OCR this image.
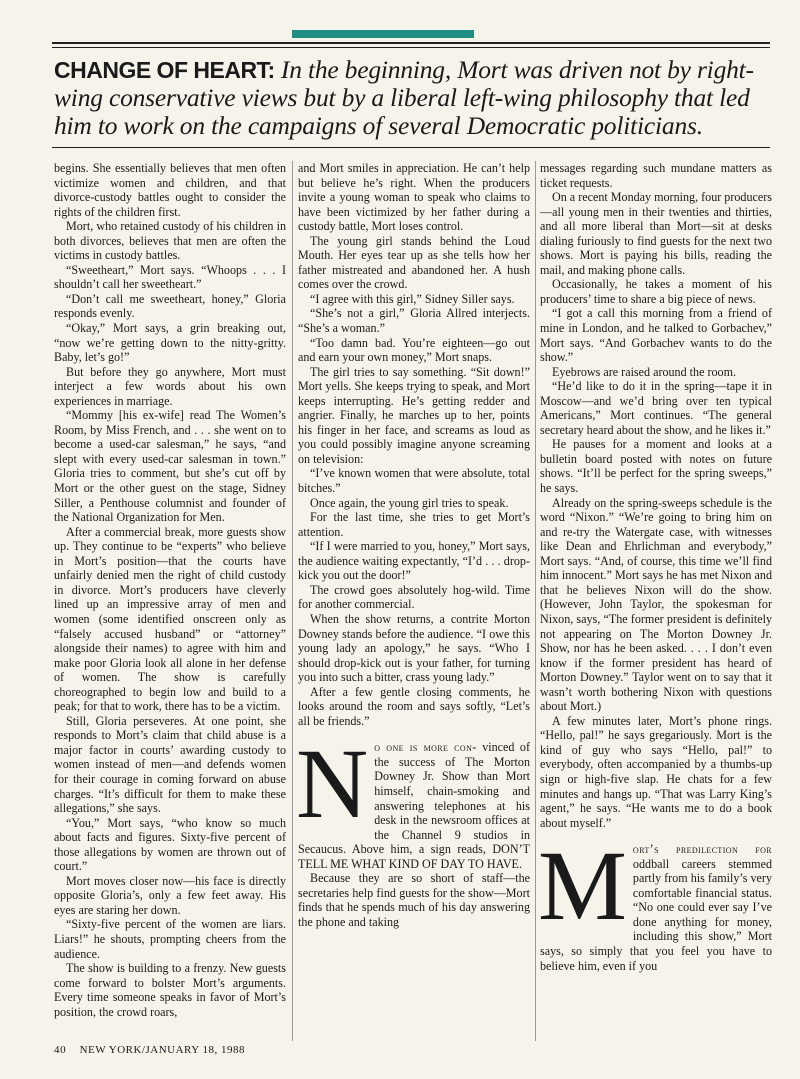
CHANGE OF HEART: In the beginning, Mort was driven not by right-wing conservative views but by a liberal left-wing philosophy that led him to work on the campaigns of several Democratic politicians.

begins. She essentially believes that men often victimize women and children, and that divorce-custody battles ought to consider the rights of the children first.

Mort, who retained custody of his children in both divorces, believes that men are often the victims in custody battles.

“Sweetheart,” Mort says. “Whoops . . . I shouldn’t call her sweetheart.”

“Don’t call me sweetheart, honey,” Gloria responds evenly.

“Okay,” Mort says, a grin breaking out, “now we’re getting down to the nitty-gritty. Baby, let’s go!”

But before they go anywhere, Mort must interject a few words about his own experiences in marriage.

“Mommy [his ex-wife] read The Women’s Room, by Miss French, and . . . she went on to become a used-car salesman,” he says, “and slept with every used-car salesman in town.” Gloria tries to comment, but she’s cut off by Mort or the other guest on the stage, Sidney Siller, a Penthouse columnist and founder of the National Organization for Men.

After a commercial break, more guests show up. They continue to be “experts” who believe in Mort’s position—that the courts have unfairly denied men the right of child custody in divorce. Mort’s producers have cleverly lined up an impressive array of men and women (some identified onscreen only as “falsely accused husband” or “attorney” alongside their names) to agree with him and make poor Gloria look all alone in her defense of women. The show is carefully choreographed to begin low and build to a peak; for that to work, there has to be a victim.

Still, Gloria perseveres. At one point, she responds to Mort’s claim that child abuse is a major factor in courts’ awarding custody to women instead of men—and defends women for their courage in coming forward on abuse charges. “It’s difficult for them to make these allegations,” she says.

“You,” Mort says, “who know so much about facts and figures. Sixty-five percent of those allegations by women are thrown out of court.”

Mort moves closer now—his face is directly opposite Gloria’s, only a few feet away. His eyes are staring her down.

“Sixty-five percent of the women are liars. Liars!” he shouts, prompting cheers from the audience.

The show is building to a frenzy. New guests come forward to bolster Mort’s arguments. Every time someone speaks in favor of Mort’s position, the crowd roars,

and Mort smiles in appreciation. He can’t help but believe he’s right. When the producers invite a young woman to speak who claims to have been victimized by her father during a custody battle, Mort loses control.

The young girl stands behind the Loud Mouth. Her eyes tear up as she tells how her father mistreated and abandoned her. A hush comes over the crowd.

“I agree with this girl,” Sidney Siller says.

“She’s not a girl,” Gloria Allred interjects. “She’s a woman.”

“Too damn bad. You’re eighteen—go out and earn your own money,” Mort snaps.

The girl tries to say something. “Sit down!” Mort yells. She keeps trying to speak, and Mort keeps interrupting. He’s getting redder and angrier. Finally, he marches up to her, points his finger in her face, and screams as loud as you could possibly imagine anyone screaming on television:

“I’ve known women that were absolute, total bitches.”

Once again, the young girl tries to speak.

For the last time, she tries to get Mort’s attention.

“If I were married to you, honey,” Mort says, the audience waiting expectantly, “I’d . . . drop-kick you out the door!”

The crowd goes absolutely hog-wild. Time for another commercial.

When the show returns, a contrite Morton Downey stands before the audience. “I owe this young lady an apology,” he says. “Who I should drop-kick out is your father, for turning you into such a bitter, crass young lady.”

After a few gentle closing comments, he looks around the room and says softly, “Let’s all be friends.”

N o one is more con- vinced of the success of The Morton Downey Jr. Show than Mort himself, chain-smoking and answering telephones at his desk in the newsroom offices at the Channel 9 studios in Secaucus. Above him, a sign reads, DON’T TELL ME WHAT KIND OF DAY TO HAVE.

Because they are so short of staff—the secretaries help find guests for the show—Mort finds that he spends much of his day answering the phone and taking

messages regarding such mundane matters as ticket requests.

On a recent Monday morning, four producers—all young men in their twenties and thirties, and all more liberal than Mort—sit at desks dialing furiously to find guests for the next two shows. Mort is paying his bills, reading the mail, and making phone calls.

Occasionally, he takes a moment of his producers’ time to share a big piece of news.

“I got a call this morning from a friend of mine in London, and he talked to Gorbachev,” Mort says. “And Gorbachev wants to do the show.”

Eyebrows are raised around the room.

“He’d like to do it in the spring—tape it in Moscow—and we’d bring over ten typical Americans,” Mort continues. “The general secretary heard about the show, and he likes it.”

He pauses for a moment and looks at a bulletin board posted with notes on future shows. “It’ll be perfect for the spring sweeps,” he says.

Already on the spring-sweeps schedule is the word “Nixon.” “We’re going to bring him on and re-try the Watergate case, with witnesses like Dean and Ehrlichman and everybody,” Mort says. “And, of course, this time we’ll find him innocent.” Mort says he has met Nixon and that he believes Nixon will do the show. (However, John Taylor, the spokesman for Nixon, says, “The former president is definitely not appearing on The Morton Downey Jr. Show, nor has he been asked. . . . I don’t even know if the former president has heard of Morton Downey.” Taylor went on to say that it wasn’t worth bothering Nixon with questions about Mort.)

A few minutes later, Mort’s phone rings. “Hello, pal!” he says gregariously. Mort is the kind of guy who says “Hello, pal!” to everybody, often accompanied by a thumbs-up sign or high-five slap. He chats for a few minutes and hangs up. “That was Larry King’s agent,” he says. “He wants me to do a book about myself.”

M ort’s predilection for oddball careers stemmed partly from his family’s very comfortable financial status. “No one could ever say I’ve done anything for money, including this show,” Mort says, so simply that you feel you have to believe him, even if you

40 NEW YORK/JANUARY 18, 1988
